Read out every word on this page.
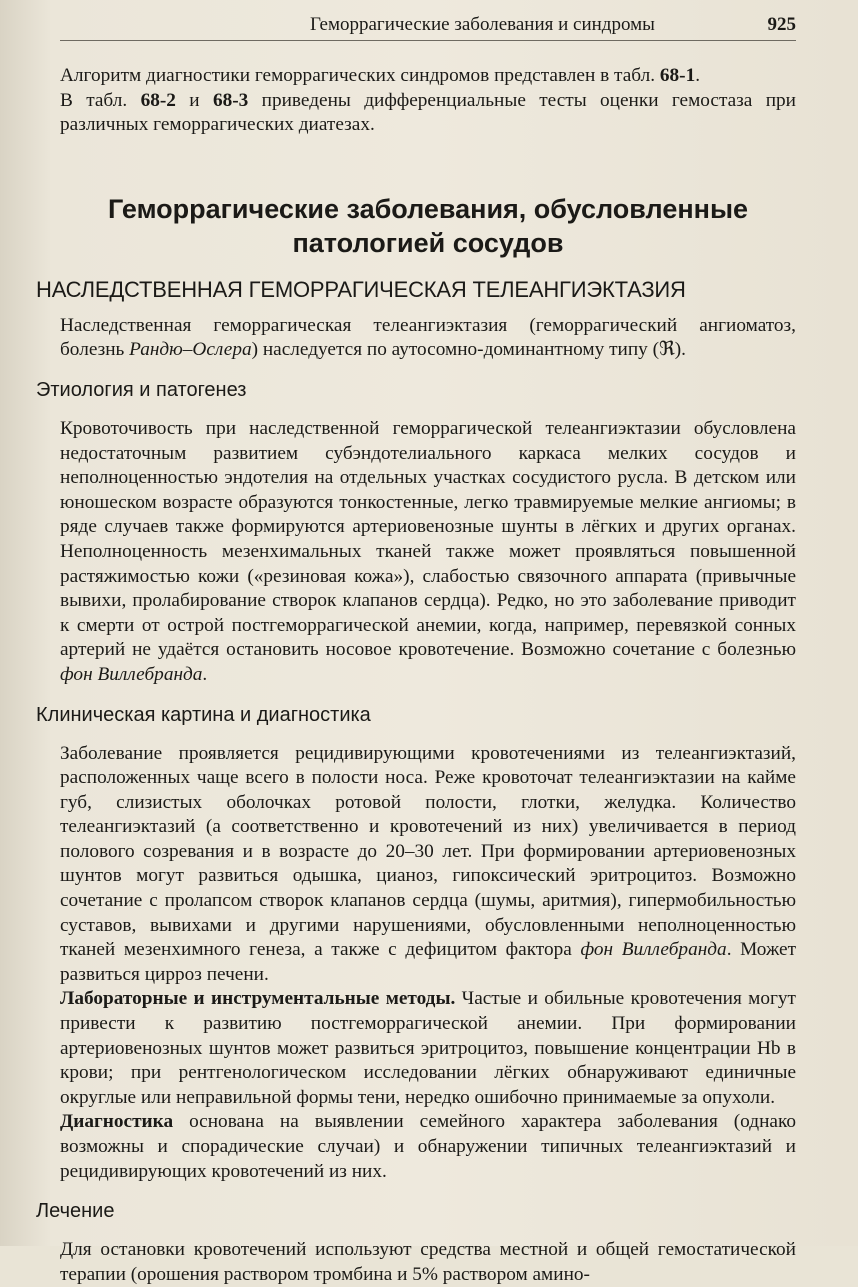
Геморрагические заболевания и синдромы	925

Алгоритм диагностики геморрагических синдромов представлен в табл. 68-1.

В табл. 68-2 и 68-3 приведены дифференциальные тесты оценки гемостаза при различных геморрагических диатезах.

Геморрагические заболевания, обусловленные
патологией сосудов
НАСЛЕДСТВЕННАЯ ГЕМОРРАГИЧЕСКАЯ ТЕЛЕАНГИЭКТАЗИЯ

Наследственная геморрагическая телеангиэктазия (геморрагический ангиоматоз, болезнь Рандю–Ослера) наследуется по аутосомно-доминантному типу (ℜ).

Этиология и патогенез

Кровоточивость при наследственной геморрагической телеангиэктазии обусловлена недостаточным развитием субэндотелиального каркаса мелких сосудов и неполноценностью эндотелия на отдельных участках сосудистого русла. В детском или юношеском возрасте образуются тонкостенные, легко травмируемые мелкие ангиомы; в ряде случаев также формируются артериовенозные шунты в лёгких и других органах. Неполноценность мезенхимальных тканей также может проявляться повышенной растяжимостью кожи («резиновая кожа»), слабостью связочного аппарата (привычные вывихи, пролабирование створок клапанов сердца). Редко, но это заболевание приводит к смерти от острой постгеморрагической анемии, когда, например, перевязкой сонных артерий не удаётся остановить носовое кровотечение. Возможно сочетание с болезнью фон Виллебранда.

Клиническая картина и диагностика

Заболевание проявляется рецидивирующими кровотечениями из телеангиэктазий, расположенных чаще всего в полости носа. Реже кровоточат телеангиэктазии на кайме губ, слизистых оболочках ротовой полости, глотки, желудка. Количество телеангиэктазий (а соответственно и кровотечений из них) увеличивается в период полового созревания и в возрасте до 20–30 лет. При формировании артериовенозных шунтов могут развиться одышка, цианоз, гипоксический эритроцитоз. Возможно сочетание с пролапсом створок клапанов сердца (шумы, аритмия), гипермобильностью суставов, вывихами и другими нарушениями, обусловленными неполноценностью тканей мезенхимного генеза, а также с дефицитом фактора фон Виллебранда. Может развиться цирроз печени.

Лабораторные и инструментальные методы. Частые и обильные кровотечения могут привести к развитию постгеморрагической анемии. При формировании артериовенозных шунтов может развиться эритроцитоз, повышение концентрации Hb в крови; при рентгенологическом исследовании лёгких обнаруживают единичные округлые или неправильной формы тени, нередко ошибочно принимаемые за опухоли.

Диагностика основана на выявлении семейного характера заболевания (однако возможны и спорадические случаи) и обнаружении типичных телеангиэктазий и рецидивирующих кровотечений из них.

Лечение

Для остановки кровотечений используют средства местной и общей гемостатической терапии (орошения раствором тромбина и 5% раствором амино-
